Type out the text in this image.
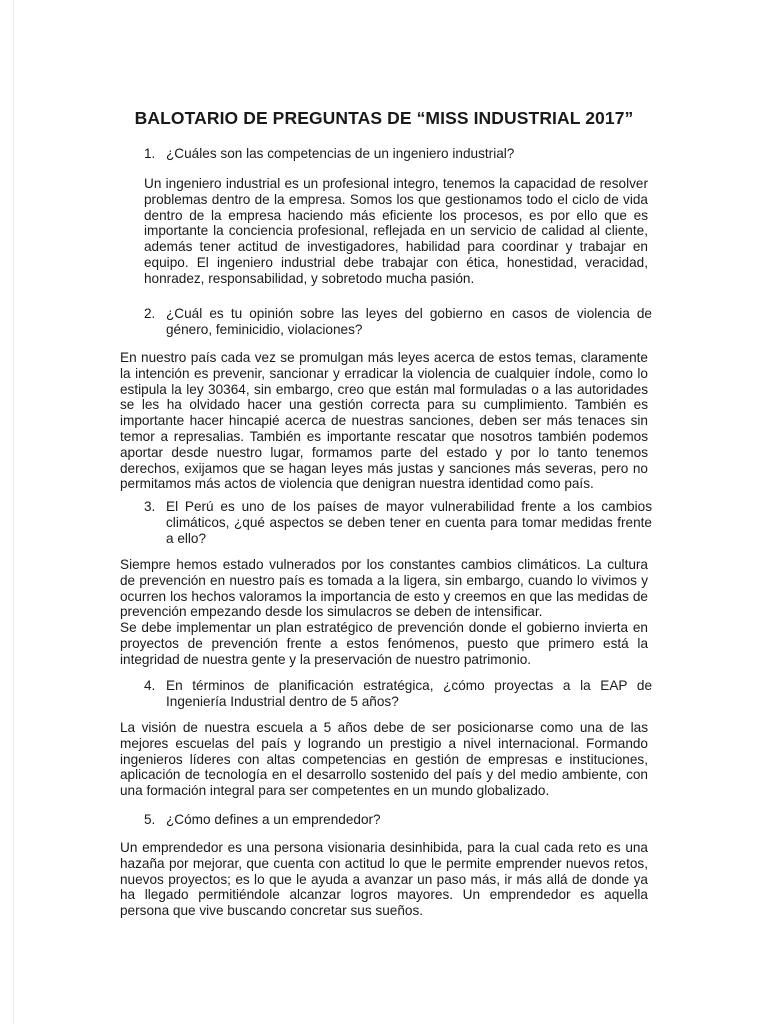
BALOTARIO DE PREGUNTAS DE “MISS INDUSTRIAL 2017”
1. ¿Cuáles son las competencias de un ingeniero industrial?

Un ingeniero industrial es un profesional integro, tenemos la capacidad de resolver problemas dentro de la empresa. Somos los que gestionamos todo el ciclo de vida dentro de la empresa haciendo más eficiente los procesos, es por ello que es importante la conciencia profesional, reflejada en un servicio de calidad al cliente, además tener actitud de investigadores, habilidad para coordinar y trabajar en equipo. El ingeniero industrial debe trabajar con ética, honestidad, veracidad, honradez, responsabilidad, y sobretodo mucha pasión.

2. ¿Cuál es tu opinión sobre las leyes del gobierno en casos de violencia de género, feminicidio, violaciones?

En nuestro país cada vez se promulgan más leyes acerca de estos temas, claramente la intención es prevenir, sancionar y erradicar la violencia de cualquier índole, como lo estipula la ley 30364, sin embargo, creo que están mal formuladas o a las autoridades se les ha olvidado hacer una gestión correcta para su cumplimiento. También es importante hacer hincapié acerca de nuestras sanciones, deben ser más tenaces sin temor a represalias. También es importante rescatar que nosotros también podemos aportar desde nuestro lugar, formamos parte del estado y por lo tanto tenemos derechos, exijamos que se hagan leyes más justas y sanciones más severas, pero no permitamos más actos de violencia que denigran nuestra identidad como país.

3. El Perú es uno de los países de mayor vulnerabilidad frente a los cambios climáticos, ¿qué aspectos se deben tener en cuenta para tomar medidas frente a ello?

Siempre hemos estado vulnerados por los constantes cambios climáticos. La cultura de prevención en nuestro país es tomada a la ligera, sin embargo, cuando lo vivimos y ocurren los hechos valoramos la importancia de esto y creemos en que las medidas de prevención empezando desde los simulacros se deben de intensificar.

Se debe implementar un plan estratégico de prevención donde el gobierno invierta en proyectos de prevención frente a estos fenómenos, puesto que primero está la integridad de nuestra gente y la preservación de nuestro patrimonio.

4. En términos de planificación estratégica, ¿cómo proyectas a la EAP de Ingeniería Industrial dentro de 5 años?

La visión de nuestra escuela a 5 años debe de ser posicionarse como una de las mejores escuelas del país y logrando un prestigio a nivel internacional. Formando ingenieros líderes con altas competencias en gestión de empresas e instituciones, aplicación de tecnología en el desarrollo sostenido del país y del medio ambiente, con una formación integral para ser competentes en un mundo globalizado.

5. ¿Cómo defines a un emprendedor?

Un emprendedor es una persona visionaria desinhibida, para la cual cada reto es una hazaña por mejorar, que cuenta con actitud lo que le permite emprender nuevos retos, nuevos proyectos; es lo que le ayuda a avanzar un paso más, ir más allá de donde ya ha llegado permitiéndole alcanzar logros mayores. Un emprendedor es aquella persona que vive buscando concretar sus sueños.
